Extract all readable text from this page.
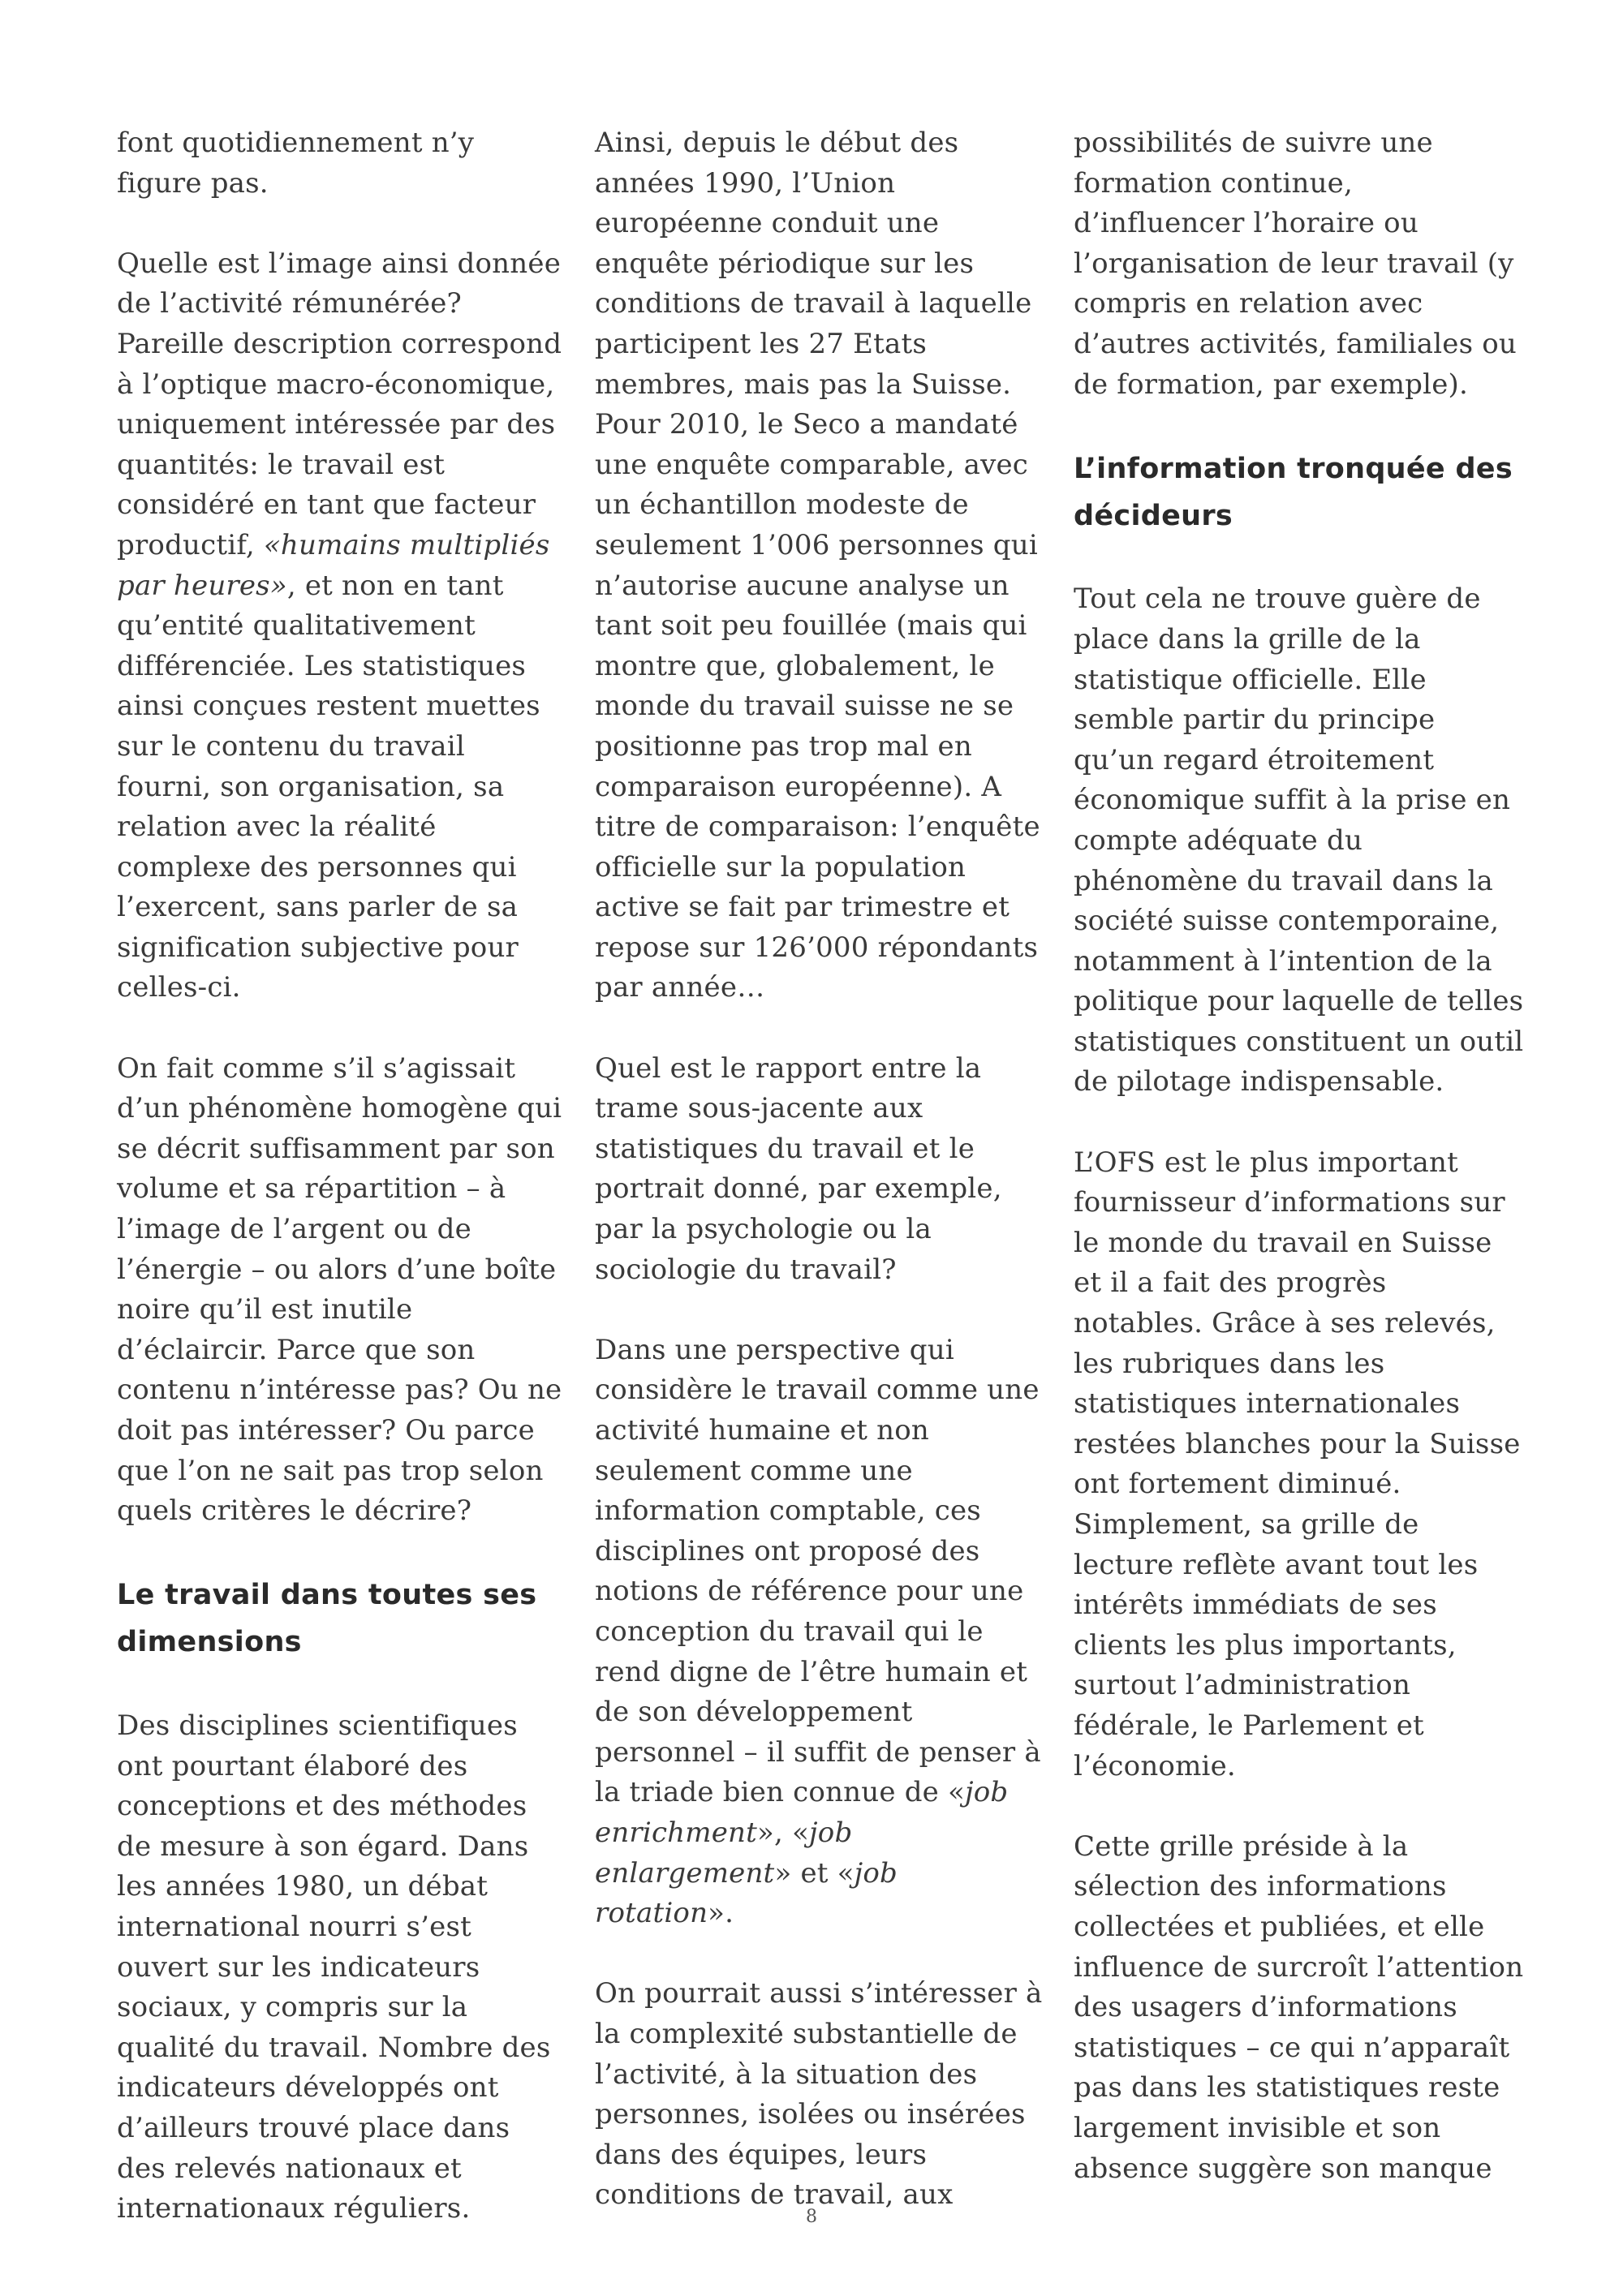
font quotidiennement n’y figure pas.

Quelle est l’image ainsi donnée de l’activité rémunérée? Pareille description correspond à l’optique macro-économique, uniquement intéressée par des quantités: le travail est considéré en tant que facteur productif, «humains multipliés par heures», et non en tant qu’entité qualitativement différenciée. Les statistiques ainsi conçues restent muettes sur le contenu du travail fourni, son organisation, sa relation avec la réalité complexe des personnes qui l’exercent, sans parler de sa signification subjective pour celles-ci.

On fait comme s’il s’agissait d’un phénomène homogène qui se décrit suffisamment par son volume et sa répartition – à l’image de l’argent ou de l’énergie – ou alors d’une boîte noire qu’il est inutile d’éclaircir. Parce que son contenu n’intéresse pas? Ou ne doit pas intéresser? Ou parce que l’on ne sait pas trop selon quels critères le décrire?

Le travail dans toutes ses dimensions

Des disciplines scientifiques ont pourtant élaboré des conceptions et des méthodes de mesure à son égard. Dans les années 1980, un débat international nourri s’est ouvert sur les indicateurs sociaux, y compris sur la qualité du travail. Nombre des indicateurs développés ont d’ailleurs trouvé place dans des relevés nationaux et internationaux réguliers.

Ainsi, depuis le début des années 1990, l’Union européenne conduit une enquête périodique sur les conditions de travail à laquelle participent les 27 Etats membres, mais pas la Suisse. Pour 2010, le Seco a mandaté une enquête comparable, avec un échantillon modeste de seulement 1’006 personnes qui n’autorise aucune analyse un tant soit peu fouillée (mais qui montre que, globalement, le monde du travail suisse ne se positionne pas trop mal en comparaison européenne). A titre de comparaison: l’enquête officielle sur la population active se fait par trimestre et repose sur 126’000 répondants par année…

Quel est le rapport entre la trame sous-jacente aux statistiques du travail et le portrait donné, par exemple, par la psychologie ou la sociologie du travail?

Dans une perspective qui considère le travail comme une activité humaine et non seulement comme une information comptable, ces disciplines ont proposé des notions de référence pour une conception du travail qui le rend digne de l’être humain et de son développement personnel – il suffit de penser à la triade bien connue de «job enrichment», «job enlargement» et «job rotation».

On pourrait aussi s’intéresser à la complexité substantielle de l’activité, à la situation des personnes, isolées ou insérées dans des équipes, leurs conditions de travail, aux

possibilités de suivre une formation continue, d’influencer l’horaire ou l’organisation de leur travail (y compris en relation avec d’autres activités, familiales ou de formation, par exemple).

L’information tronquée des décideurs

Tout cela ne trouve guère de place dans la grille de la statistique officielle. Elle semble partir du principe qu’un regard étroitement économique suffit à la prise en compte adéquate du phénomène du travail dans la société suisse contemporaine, notamment à l’intention de la politique pour laquelle de telles statistiques constituent un outil de pilotage indispensable.

L’OFS est le plus important fournisseur d’informations sur le monde du travail en Suisse et il a fait des progrès notables. Grâce à ses relevés, les rubriques dans les statistiques internationales restées blanches pour la Suisse ont fortement diminué. Simplement, sa grille de lecture reflète avant tout les intérêts immédiats de ses clients les plus importants, surtout l’administration fédérale, le Parlement et l’économie.

Cette grille préside à la sélection des informations collectées et publiées, et elle influence de surcroît l’attention des usagers d’informations statistiques – ce qui n’apparaît pas dans les statistiques reste largement invisible et son absence suggère son manque

8
